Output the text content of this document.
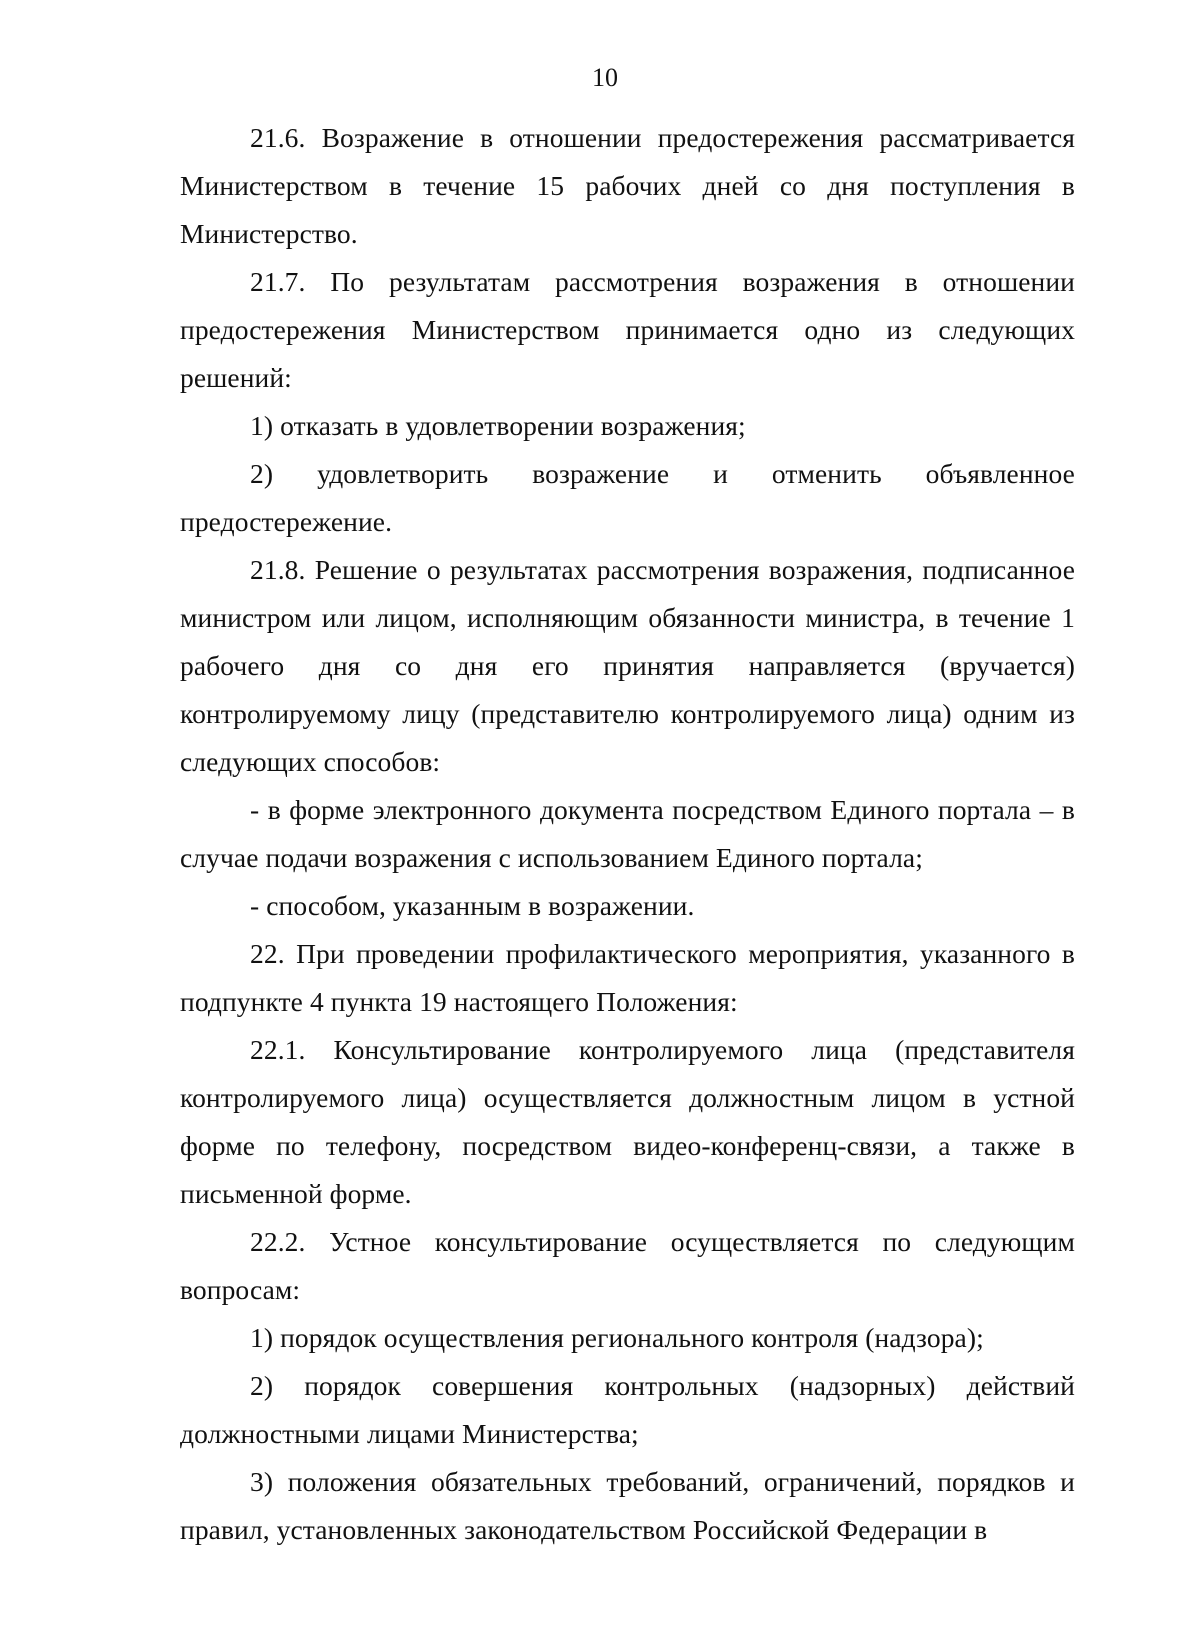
10

21.6. Возражение в отношении предостережения рассматривается Министерством в течение 15 рабочих дней со дня поступления в Министерство.

21.7. По результатам рассмотрения возражения в отношении предостережения Министерством принимается одно из следующих решений:

1) отказать в удовлетворении возражения;

2) удовлетворить возражение и отменить объявленное предостережение.

21.8. Решение о результатах рассмотрения возражения, подписанное министром или лицом, исполняющим обязанности министра, в течение 1 рабочего дня со дня его принятия направляется (вручается) контролируемому лицу (представителю контролируемого лица) одним из следующих способов:

- в форме электронного документа посредством Единого портала – в случае подачи возражения с использованием Единого портала;

- способом, указанным в возражении.

22. При проведении профилактического мероприятия, указанного в подпункте 4 пункта 19 настоящего Положения:

22.1. Консультирование контролируемого лица (представителя контролируемого лица) осуществляется должностным лицом в устной форме по телефону, посредством видео-конференц-связи, а также в письменной форме.

22.2. Устное консультирование осуществляется по следующим вопросам:

1) порядок осуществления регионального контроля (надзора);

2) порядок совершения контрольных (надзорных) действий должностными лицами Министерства;

3) положения обязательных требований, ограничений, порядков и правил, установленных законодательством Российской Федерации в
